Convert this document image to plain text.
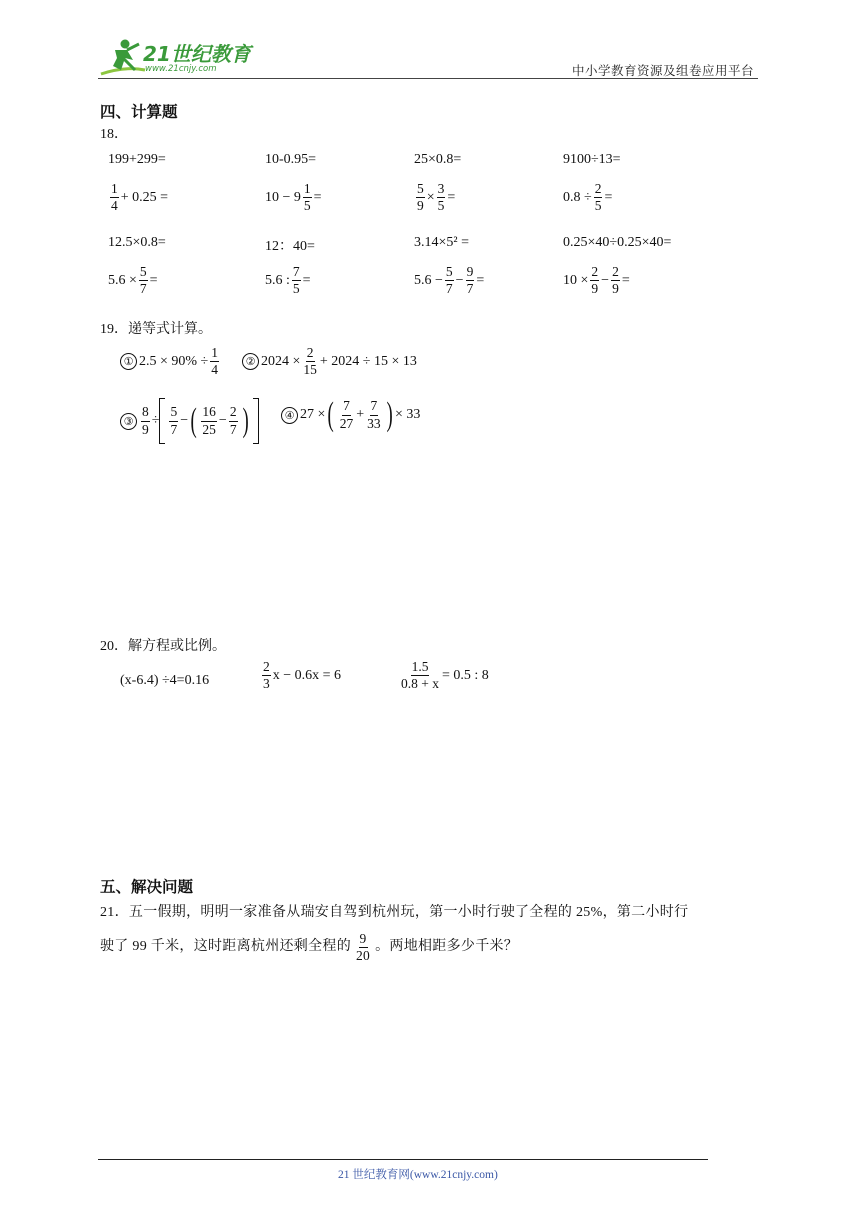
21世纪教育
www.21cnjy.com	中小学教育资源及组卷应用平台
四、计算题
18．
199+299=	10-0.95=	25×0.8=	9100÷13=
$\frac{1}{4} + 0.25$ =	$10 - 9 \frac{1}{5}$ =	$\frac{5}{9} \times \frac{3}{5}$ =	$0.8 \div \frac{2}{5}$ =
12.5×0.8=	12：40=	3.14×5² =	0.25×40÷0.25×40=
$5.6 \times \frac{5}{7}$ =	5.6 : $\frac{7}{5}$ =	$5.6 - \frac{5}{7} - \frac{9}{7}$ =	$10 \times \frac{2}{9} - \frac{2}{9}$ =
19．递等式计算。
① $2.5 \times 90\% \div \frac{1}{4}$	② $2024 \times \frac{2}{15} + 2024 \div 15 \times 13$
③ $\frac{8}{9} \div \frac{5}{7}$ − ( $\frac{16}{25} - \frac{2}{7}$ )	④ 27 × ( $\frac{7}{27} + \frac{7}{33}$ ) × 33
20．解方程或比例。
(x-6.4) ÷4=0.16	$\frac{2}{3}$ x − 0.6x = 6	$\frac{1.5}{0.8 + x} = 0.5$ : 8
五、解决问题
21．五一假期，明明一家准备从瑞安自驾到杭州玩，第一小时行驶了全程的 25%，第二小时行
驶了 99 千米，这时距离杭州还剩全程的 $\frac{9}{20}$ 。两地相距多少千米？
21 世纪教育网(www.21cnjy.com)
